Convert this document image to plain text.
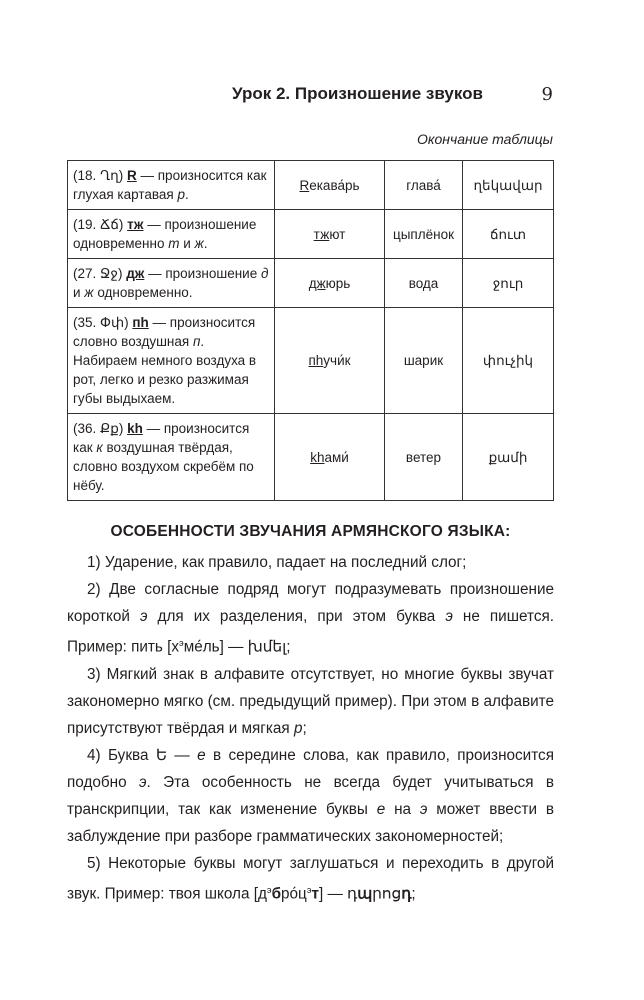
Урок 2. Произношение звуков	9
Окончание таблицы
(18. Ղղ) R — произносится как глухая картавая р.	Rекава́рь	глава́	ղեկավար
(19. Ճճ) тж — произношение одновременно т и ж.	тжют	цыплёнок	ճուտ
(27. Ջջ) дж — произношение д и ж одновременно.	джюрь	вода	ջուր
(35. Փփ) пh — произносится словно воздушная п. Набираем немного воздуха в рот, легко и резко разжимая губы выдыхаем.	пhучи́к	шарик	փուչիկ
(36. Քք) kh — произносится как к воздушная твёрдая, словно воздухом скребём по нёбу.	khами́	ветер	քամի
ОСОБЕННОСТИ ЗВУЧАНИЯ АРМЯНСКОГО ЯЗЫКА:

1) Ударение, как правило, падает на последний слог;

2) Две согласные подряд могут подразумевать произношение короткой э для их разделения, при этом буква э не пишется. Пример: пить $[х^эме́ль]$ — խմել;

3) Мягкий знак в алфавите отсутствует, но многие буквы звучат закономерно мягко (см. предыдущий пример). При этом в алфавите присутствуют твёрдая и мягкая р;

4) Буква Ե — е в середине слова, как правило, произносится подобно э. Эта особенность не всегда будет учитываться в транскрипции, так как изменение буквы е на э может ввести в заблуждение при разборе грамматических закономерностей;

5) Некоторые буквы могут заглушаться и переходить в другой звук. Пример: твоя школа $[д^эбро́ц^эт]$ — դպրոցդ;
